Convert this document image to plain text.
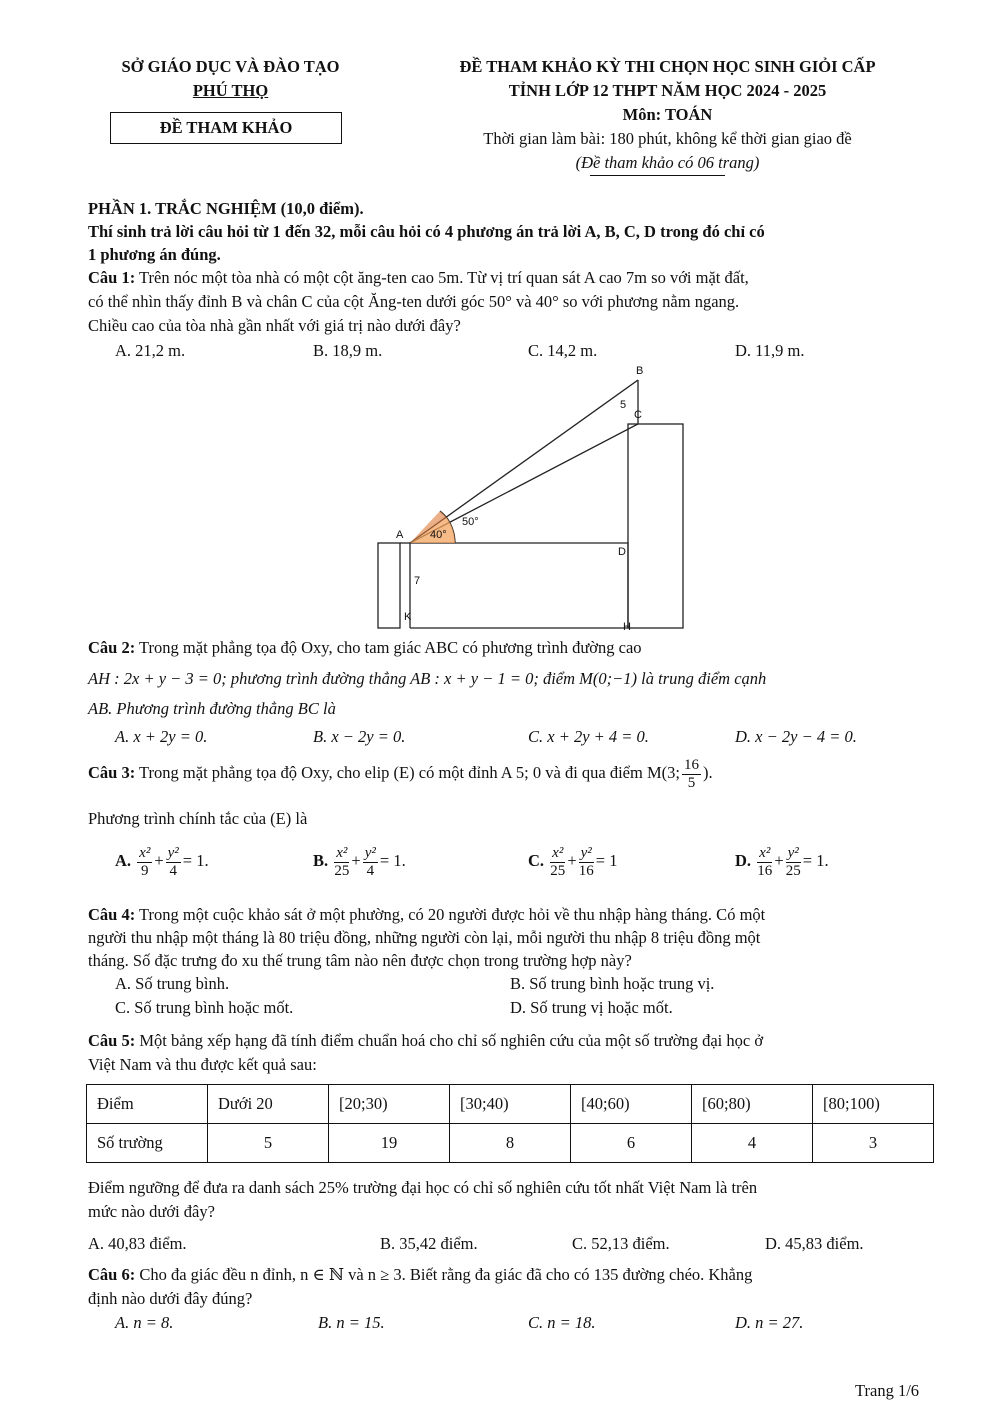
SỞ GIÁO DỤC VÀ ĐÀO TẠO
PHÚ THỌ
ĐỀ THAM KHẢO
ĐỀ THAM KHẢO KỲ THI CHỌN HỌC SINH GIỎI CẤP
TỈNH LỚP 12 THPT NĂM HỌC 2024 - 2025
Môn: TOÁN
Thời gian làm bài: 180 phút, không kể thời gian giao đề
(Đề tham khảo có 06 trang)
PHẦN 1. TRẮC NGHIỆM (10,0 điểm).
Thí sinh trả lời câu hỏi từ 1 đến 32, mỗi câu hỏi có 4 phương án trả lời A, B, C, D trong đó chỉ có
1 phương án đúng.
Câu 1: Trên nóc một tòa nhà có một cột ăng-ten cao 5m. Từ vị trí quan sát A cao 7m so với mặt đất,
có thể nhìn thấy đỉnh B và chân C của cột Ăng-ten dưới góc 50° và 40° so với phương nằm ngang.
Chiều cao của tòa nhà gần nhất với giá trị nào dưới đây?
A. 21,2 m.	B. 18,9 m.	C. 14,2 m.	D. 11,9 m.
B
C
5
A
D
7
K
H
40°
50°
Câu 2: Trong mặt phẳng tọa độ Oxy, cho tam giác ABC có phương trình đường cao
AH : 2x + y − 3 = 0; phương trình đường thẳng AB : x + y − 1 = 0; điểm M(0;−1) là trung điểm cạnh
AB. Phương trình đường thẳng BC là
A. x + 2y = 0.	B. x − 2y = 0.	C. x + 2y + 4 = 0.	D. x − 2y − 4 = 0.
Câu 3: Trong mặt phẳng tọa độ Oxy, cho elip (E) có một đỉnh A 5; 0 và đi qua điểm M(3; $\frac{16}{5}$ ).
Phương trình chính tắc của (E) là
A. $\frac{\text{x²}}{9} + \frac{\text{y²}}{4} = 1$.	B. $\frac{\text{x²}}{25} + \frac{\text{y²}}{4} = 1$.	C. $\frac{\text{x²}}{25} + \frac{\text{y²}}{16} = 1$	D. $\frac{\text{x²}}{16} + \frac{\text{y²}}{25} = 1$.
Câu 4: Trong một cuộc khảo sát ở một phường, có 20 người được hỏi về thu nhập hàng tháng. Có một
người thu nhập một tháng là 80 triệu đồng, những người còn lại, mỗi người thu nhập 8 triệu đồng một
tháng. Số đặc trưng đo xu thế trung tâm nào nên được chọn trong trường hợp này?
A. Số trung bình.	B. Số trung bình hoặc trung vị.
C. Số trung bình hoặc mốt.	D. Số trung vị hoặc mốt.
Câu 5: Một bảng xếp hạng đã tính điểm chuẩn hoá cho chỉ số nghiên cứu của một số trường đại học ở
Việt Nam và thu được kết quả sau:
Điểm	Dưới 20	[20;30)	[30;40)	[40;60)	[60;80)	[80;100)
Số trường	5	19	8	6	4	3
Điểm ngưỡng để đưa ra danh sách 25% trường đại học có chỉ số nghiên cứu tốt nhất Việt Nam là trên
mức nào dưới đây?
A. 40,83 điểm.	B. 35,42 điểm.	C. 52,13 điểm.	D. 45,83 điểm.
Câu 6: Cho đa giác đều n đỉnh, n ∈ ℕ và n ≥ 3. Biết rằng đa giác đã cho có 135 đường chéo. Khẳng
định nào dưới đây đúng?
A. n = 8.	B. n = 15.	C. n = 18.	D. n = 27.
Trang 1/6
